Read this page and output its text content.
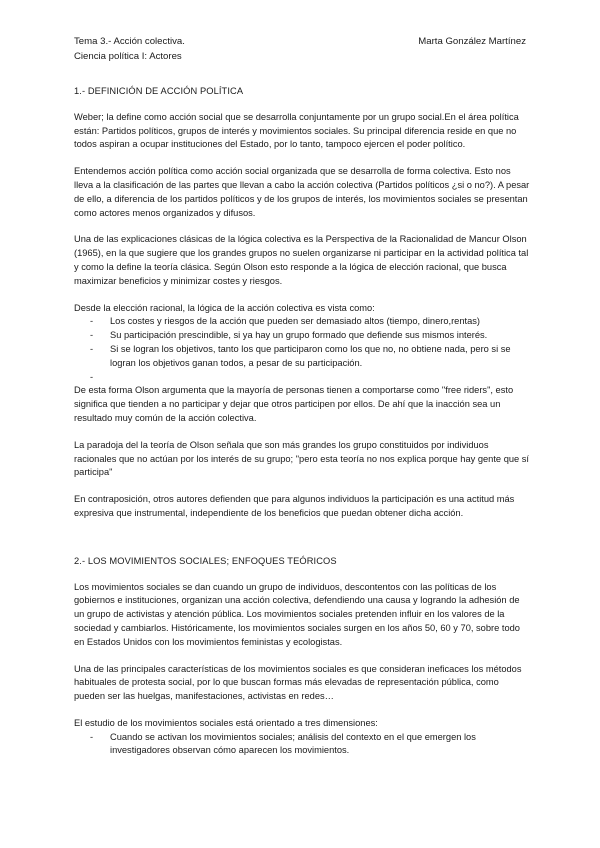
Tema 3.- Acción colectiva.	Marta González Martínez
Ciencia política I: Actores
1.- DEFINICIÓN DE ACCIÓN POLÍTICA

Weber; la define como acción social que se desarrolla conjuntamente por un grupo social.En el área política están: Partidos políticos, grupos de interés y movimientos sociales. Su principal diferencia reside en que no todos aspiran a ocupar instituciones del Estado, por lo tanto, tampoco ejercen el poder político.

Entendemos acción política como acción social organizada que se desarrolla de forma colectiva. Esto nos lleva a la clasificación de las partes que llevan a cabo la acción colectiva (Partidos políticos ¿si o no?). A pesar de ello, a diferencia de los partidos políticos y de los grupos de interés, los movimientos sociales se presentan como actores menos organizados y difusos.

Una de las explicaciones clásicas de la lógica colectiva es la Perspectiva de la Racionalidad de Mancur Olson (1965), en la que sugiere que los grandes grupos no suelen organizarse ni participar en la actividad política tal y como la define la teoría clásica. Según Olson esto responde a la lógica de elección racional, que busca maximizar beneficios y minimizar costes y riesgos.

Desde la elección racional, la lógica de la acción colectiva es vista como:

- Los costes y riesgos de la acción que pueden ser demasiado altos (tiempo, dinero,rentas)
- Su participación prescindible, si ya hay un grupo formado que defiende sus mismos interés.
- Si se logran los objetivos, tanto los que participaron como los que no, no obtiene nada, pero si se logran los objetivos ganan todos, a pesar de su participación.
-

De esta forma Olson argumenta que la mayoría de personas tienen a comportarse como "free riders", esto significa que tienden a no participar y dejar que otros participen por ellos. De ahí que la inacción sea un resultado muy común de la acción colectiva.

La paradoja del la teoría de Olson señala que son más grandes los grupo constituidos por individuos racionales que no actúan por los interés de su grupo; "pero esta teoría no nos explica porque hay gente que sí participa"

En contraposición, otros autores defienden que para algunos individuos la participación es una actitud más expresiva que instrumental, independiente de los beneficios que puedan obtener dicha acción.

2.- LOS MOVIMIENTOS SOCIALES; ENFOQUES TEÓRICOS

Los movimientos sociales se dan cuando un grupo de individuos, descontentos con las políticas de los gobiernos e instituciones, organizan una acción colectiva, defendiendo una causa y logrando la adhesión de un grupo de activistas y atención pública. Los movimientos sociales pretenden influir en los valores de la sociedad y cambiarlos. Históricamente, los movimientos sociales surgen en los años 50, 60 y 70, sobre todo en Estados Unidos con los movimientos feministas y ecologistas.

Una de las principales características de los movimientos sociales es que consideran ineficaces los métodos habituales de protesta social, por lo que buscan formas más elevadas de representación pública, como pueden ser las huelgas, manifestaciones, activistas en redes…

El estudio de los movimientos sociales está orientado a tres dimensiones:

- Cuando se activan los movimientos sociales; análisis del contexto en el que emergen los investigadores observan cómo aparecen los movimientos.
